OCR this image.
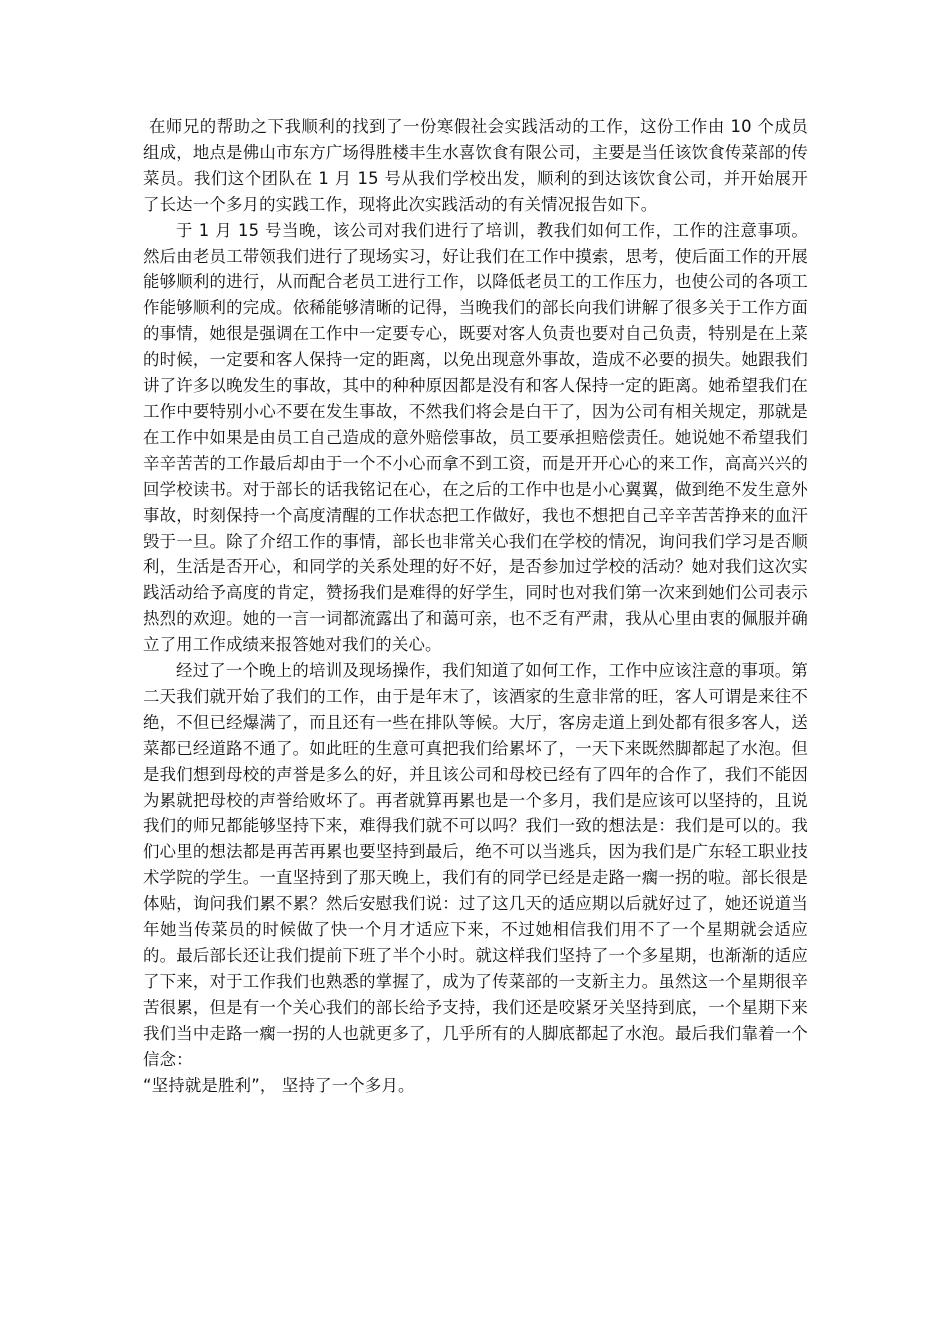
在师兄的帮助之下我顺利的找到了一份寒假社会实践活动的工作，这份工作由 10 个成员组成，地点是佛山市东方广场得胜楼丰生水喜饮食有限公司，主要是当任该饮食传菜部的传菜员。我们这个团队在 1 月 15 号从我们学校出发，顺利的到达该饮食公司，并开始展开了长达一个多月的实践工作，现将此次实践活动的有关情况报告如下。

于 1 月 15 号当晚，该公司对我们进行了培训，教我们如何工作，工作的注意事项。然后由老员工带领我们进行了现场实习，好让我们在工作中摸索，思考，使后面工作的开展能够顺利的进行，从而配合老员工进行工作，以降低老员工的工作压力，也使公司的各项工作能够顺利的完成。依稀能够清晰的记得，当晚我们的部长向我们讲解了很多关于工作方面的事情，她很是强调在工作中一定要专心，既要对客人负责也要对自己负责，特别是在上菜的时候，一定要和客人保持一定的距离，以免出现意外事故，造成不必要的损失。她跟我们讲了许多以晚发生的事故，其中的种种原因都是没有和客人保持一定的距离。她希望我们在工作中要特别小心不要在发生事故，不然我们将会是白干了，因为公司有相关规定，那就是在工作中如果是由员工自己造成的意外赔偿事故，员工要承担赔偿责任。她说她不希望我们辛辛苦苦的工作最后却由于一个不小心而拿不到工资，而是开开心心的来工作，高高兴兴的回学校读书。对于部长的话我铭记在心，在之后的工作中也是小心翼翼，做到绝不发生意外事故，时刻保持一个高度清醒的工作状态把工作做好，我也不想把自己辛辛苦苦挣来的血汗毁于一旦。除了介绍工作的事情，部长也非常关心我们在学校的情况，询问我们学习是否顺利，生活是否开心，和同学的关系处理的好不好，是否参加过学校的活动？她对我们这次实践活动给予高度的肯定，赞扬我们是难得的好学生，同时也对我们第一次来到她们公司表示热烈的欢迎。她的一言一词都流露出了和蔼可亲，也不乏有严肃，我从心里由衷的佩服并确立了用工作成绩来报答她对我们的关心。

经过了一个晚上的培训及现场操作，我们知道了如何工作，工作中应该注意的事项。第二天我们就开始了我们的工作，由于是年末了，该酒家的生意非常的旺，客人可谓是来往不绝，不但已经爆满了，而且还有一些在排队等候。大厅，客房走道上到处都有很多客人，送菜都已经道路不通了。如此旺的生意可真把我们给累坏了，一天下来既然脚都起了水泡。但是我们想到母校的声誉是多么的好，并且该公司和母校已经有了四年的合作了，我们不能因为累就把母校的声誉给败坏了。再者就算再累也是一个多月，我们是应该可以坚持的，且说我们的师兄都能够坚持下来，难得我们就不可以吗？我们一致的想法是：我们是可以的。我们心里的想法都是再苦再累也要坚持到最后，绝不可以当逃兵，因为我们是广东轻工职业技术学院的学生。一直坚持到了那天晚上，我们有的同学已经是走路一瘸一拐的啦。部长很是体贴，询问我们累不累？然后安慰我们说：过了这几天的适应期以后就好过了，她还说道当年她当传菜员的时候做了快一个月才适应下来，不过她相信我们用不了一个星期就会适应的。最后部长还让我们提前下班了半个小时。就这样我们坚持了一个多星期，也渐渐的适应了下来，对于工作我们也熟悉的掌握了，成为了传菜部的一支新主力。虽然这一个星期很辛苦很累，但是有一个关心我们的部长给予支持，我们还是咬紧牙关坚持到底，一个星期下来我们当中走路一瘸一拐的人也就更多了，几乎所有的人脚底都起了水泡。最后我们靠着一个信念：

“坚持就是胜利”， 坚持了一个多月。
